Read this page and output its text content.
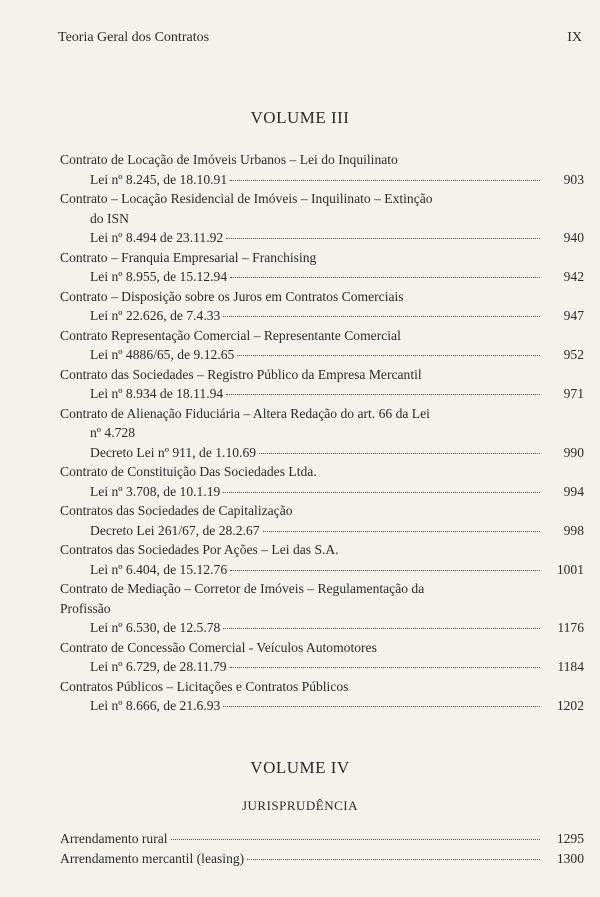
Teoria Geral dos Contratos	IX
VOLUME III
Contrato de Locação de Imóveis Urbanos – Lei do Inquilinato
Lei nº 8.245, de 18.10.91	903
Contrato – Locação Residencial de Imóveis – Inquilinato – Extinção
do ISN
Lei nº 8.494 de 23.11.92	940
Contrato – Franquia Empresarial – Franchising
Lei nº 8.955, de 15.12.94	942
Contrato – Disposição sobre os Juros em Contratos Comerciais
Lei nº 22.626, de 7.4.33	947
Contrato Representação Comercial – Representante Comercial
Lei nº 4886/65, de 9.12.65	952
Contrato das Sociedades – Registro Público da Empresa Mercantil
Lei nº 8.934 de 18.11.94	971
Contrato de Alienação Fiduciária – Altera Redação do art. 66 da Lei
nº 4.728
Decreto Lei nº 911, de 1.10.69	990
Contrato de Constituição Das Sociedades Ltda.
Lei nº 3.708, de 10.1.19	994
Contratos das Sociedades de Capitalização
Decreto Lei 261/67, de 28.2.67	998
Contratos das Sociedades Por Ações – Lei das S.A.
Lei nº 6.404, de 15.12.76	1001
Contrato de Mediação – Corretor de Imóveis – Regulamentação da
Profissão
Lei nº 6.530, de 12.5.78	1176
Contrato de Concessão Comercial - Veículos Automotores
Lei nº 6.729, de 28.11.79	1184
Contratos Públicos – Licitações e Contratos Públicos
Lei nº 8.666, de 21.6.93	1202
VOLUME IV
JURISPRUDÊNCIA
Arrendamento rural	1295
Arrendamento mercantil (leasing)	1300
